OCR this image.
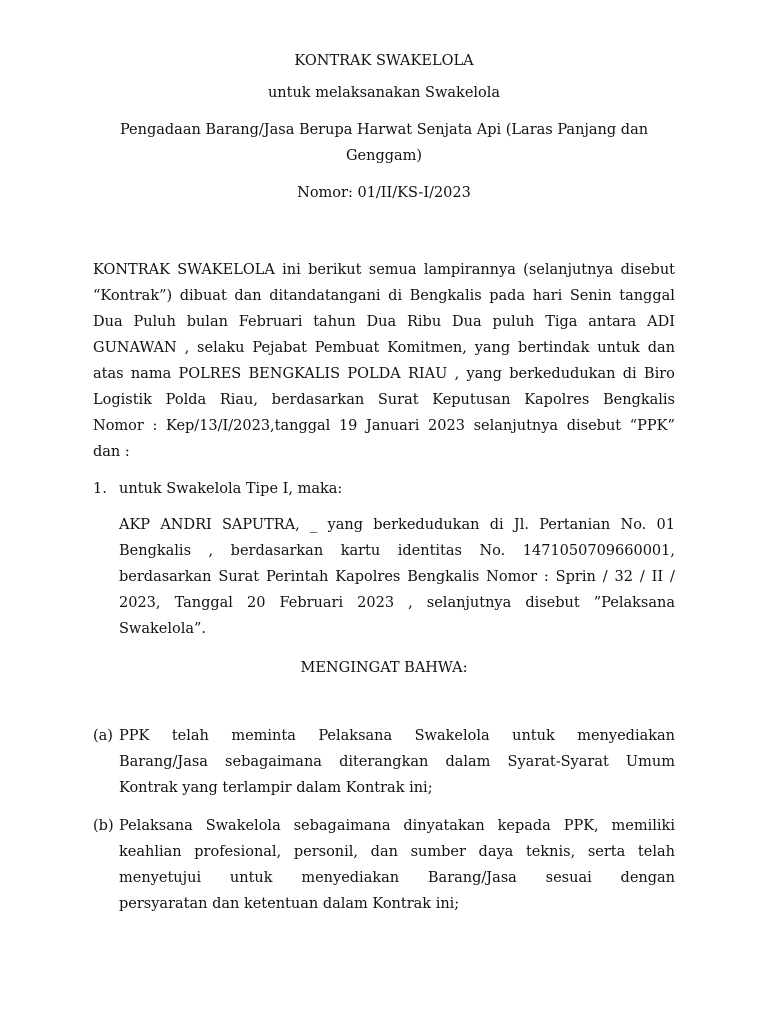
KONTRAK SWAKELOLA
untuk melaksanakan Swakelola
Pengadaan Barang/Jasa Berupa Harwat Senjata Api (Laras Panjang dan
Genggam)
Nomor: 01/II/KS-I/2023
KONTRAK SWAKELOLA ini berikut semua lampirannya (selanjutnya disebut
“Kontrak”) dibuat dan ditandatangani di Bengkalis pada hari Senin tanggal
Dua Puluh bulan Februari tahun Dua Ribu Dua puluh Tiga antara ADI
GUNAWAN , selaku Pejabat Pembuat Komitmen, yang bertindak untuk dan
atas nama POLRES BENGKALIS POLDA RIAU , yang berkedudukan di Biro
Logistik Polda Riau, berdasarkan Surat Keputusan Kapolres Bengkalis
Nomor : Kep/13/I/2023,tanggal 19 Januari 2023 selanjutnya disebut “PPK”
dan :
1. untuk Swakelola Tipe I, maka:
AKP ANDRI SAPUTRA, _ yang berkedudukan di Jl. Pertanian No. 01
Bengkalis , berdasarkan kartu identitas No. 1471050709660001,
berdasarkan Surat Perintah Kapolres Bengkalis Nomor : Sprin / 32 / II /
2023, Tanggal 20 Februari 2023 , selanjutnya disebut ”Pelaksana
Swakelola”.
MENGINGAT BAHWA:
(a) PPK telah meminta Pelaksana Swakelola untuk menyediakan
Barang/Jasa sebagaimana diterangkan dalam Syarat-Syarat Umum
Kontrak yang terlampir dalam Kontrak ini;
(b) Pelaksana Swakelola sebagaimana dinyatakan kepada PPK, memiliki
keahlian profesional, personil, dan sumber daya teknis, serta telah
menyetujui untuk menyediakan Barang/Jasa sesuai dengan
persyaratan dan ketentuan dalam Kontrak ini;
